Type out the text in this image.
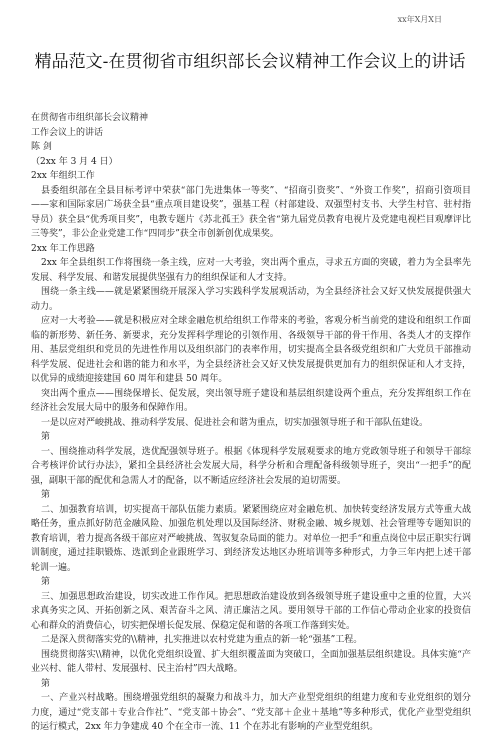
xx年X月X日
精品范文-在贯彻省市组织部长会议精神工作会议上的讲话

在贯彻省市组织部长会议精神

工作会议上的讲话

陈 剑

（2xx 年 3 月 4 日）

2xx 年组织工作

县委组织部在全县目标考评中荣获“部门先进集体一等奖”、“招商引资奖”、“外资工作奖”，招商引资项目——家和国际家居广场获全县“重点项目建设奖”，强基工程（村部建设、双强型村支书、大学生村官、驻村指导员）获全县“优秀项目奖”，电教专题片《苏北孤王》获全省“第九届党员教育电视片及党建电视栏目观摩评比三等奖”，非公企业党建工作“四同步”获全市创新创优成果奖。

2xx 年工作思路

2xx 年全县组织工作将围绕一条主线，应对一大考验，突出两个重点，寻求五方面的突破，着力为全县率先发展、科学发展、和谐发展提供坚强有力的组织保证和人才支持。

围绕一条主线——就是紧紧围绕开展深入学习实践科学发展观活动，为全县经济社会又好又快发展提供强大动力。

应对一大考验——就是积极应对全球金融危机给组织工作带来的考验，客观分析当前党的建设和组织工作面临的新形势、新任务、新要求，充分发挥科学理论的引领作用、各级领导干部的骨干作用、各类人才的支撑作用、基层党组织和党员的先进性作用以及组织部门的表率作用，切实提高全县各级党组织和广大党员干部推动科学发展、促进社会和谐的能力和水平，为全县经济社会又好又快发展提供更加有力的组织保证和人才支持，以优异的成绩迎接建国 60 周年和建县 50 周年。

突出两个重点——围绕保增长、促发展，突出领导班子建设和基层组织建设两个重点，充分发挥组织工作在经济社会发展大局中的服务和保障作用。

一是以应对严峻挑战、推动科学发展、促进社会和谐为重点，切实加强领导班子和干部队伍建设。

第

一、围绕推动科学发展，选优配强领导班子。根据《体现科学发展观要求的地方党政领导班子和领导干部综合考核评价试行办法》，紧扣全县经济社会发展大局，科学分析和合理配备科级领导班子，突出“一把手”的配强，副职干部的配优和急需人才的配备，以不断适应经济社会发展的迫切需要。

第

二、加强教育培训，切实提高干部队伍能力素质。紧紧围绕应对金融危机、加快转变经济发展方式等重大战略任务，重点抓好防范金融风险、加强危机处理以及国际经济、财税金融、城乡规划、社会管理等专题知识的教育培训，着力提高各级干部应对严峻挑战、驾驭复杂局面的能力。对单位一把手“和重点岗位中层正职实行调训制度，通过挂职锻炼、选派到企业跟班学习、到经济发达地区办班培训等多种形式，力争三年内把上述干部轮训一遍。

第

三、加强思想政治建设，切实改进工作作风。把思想政治建设放到各级领导班子建设重中之重的位置，大兴求真务实之风、开拓创新之风、艰苦奋斗之风、清正廉洁之风。要用领导干部的工作信心带动企业家的投资信心和群众的消费信心，切实把保增长促发展、保稳定促和谐的各项工作落到实处。

二是深入贯彻落实党的\\精神，扎实推进以农村党建为重点的新一轮“强基”工程。

围绕贯彻落实\\精神，以优化党组织设置、扩大组织覆盖面为突破口，全面加强基层组织建设。具体实施“产业兴村、能人带村、发展强村、民主治村”四大战略。

第

一、产业兴村战略。围绕增强党组织的凝聚力和战斗力，加大产业型党组织的组建力度和专业党组织的划分力度，通过“党支部＋专业合作社”、“党支部＋协会”、“党支部＋企业＋基地”等多种形式，优化产业型党组织的运行模式，2xx 年力争建成 40 个在全市一流、11 个在苏北有影响的产业型党组织。
